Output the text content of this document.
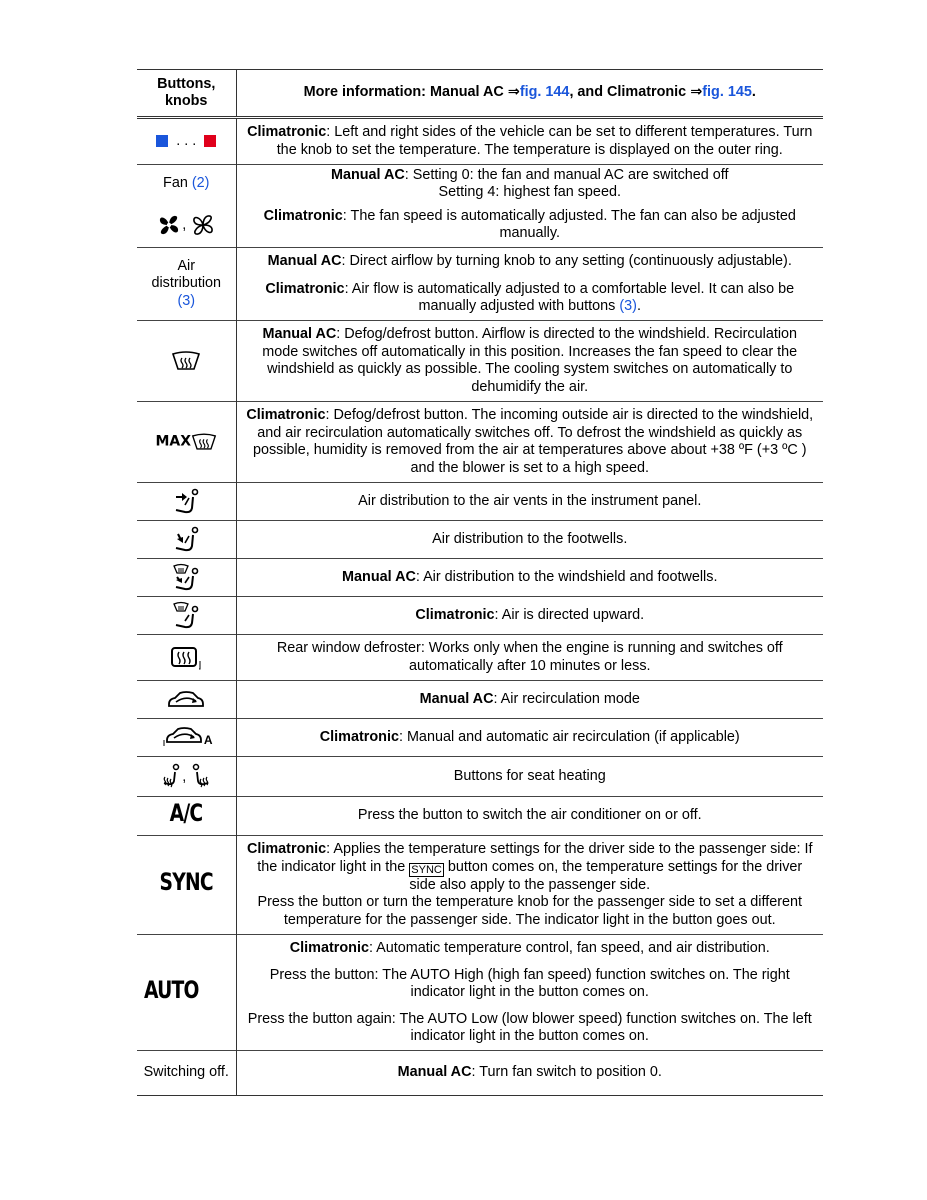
Buttons, knobs	More information: Manual AC ⇒fig. 144, and Climatronic ⇒fig. 145.
. . .	Climatronic: Left and right sides of the vehicle can be set to different temperatures. Turn the knob to set the temperature. The temperature is displayed on the outer ring.
Fan (2)	Manual AC: Setting 0: the fan and manual AC are switched off
Setting 4: highest fan speed.
,	Climatronic: The fan speed is automatically adjusted. The fan can also be adjusted manually.
Air distribution
(3)	Manual AC: Direct airflow by turning knob to any setting (continuously adjustable).
	Climatronic: Air flow is automatically adjusted to a comfortable level. It can also be manually adjusted with buttons (3).
	Manual AC: Defog/defrost button. Airflow is directed to the windshield. Recirculation mode switches off automatically in this position. Increases the fan speed to clear the windshield as quickly as possible. The cooling system switches on automatically to dehumidify the air.
MAX	Climatronic: Defog/defrost button. The incoming outside air is directed to the windshield, and air recirculation automatically switches off. To defrost the windshield as quickly as possible, humidity is removed from the air at temperatures above about +38 ºF (+3 ºC ) and the blower is set to a high speed.
	Air distribution to the air vents in the instrument panel.
	Air distribution to the footwells.
	Manual AC: Air distribution to the windshield and footwells.
	Climatronic: Air is directed upward.
	Rear window defroster: Works only when the engine is running and switches off automatically after 10 minutes or less.
	Manual AC: Air recirculation mode
$_A$	Climatronic: Manual and automatic air recirculation (if applicable)
,	Buttons for seat heating
A/C	Press the button to switch the air conditioner on or off.
SYNC	Climatronic: Applies the temperature settings for the driver side to the passenger side: If the indicator light in the SYNC button comes on, the temperature settings for the driver side also apply to the passenger side.
Press the button or turn the temperature knob for the passenger side to set a different temperature for the passenger side. The indicator light in the button goes out.
AUTO	Climatronic: Automatic temperature control, fan speed, and air distribution.
	Press the button: The AUTO High (high fan speed) function switches on. The right indicator light in the button comes on.
	Press the button again: The AUTO Low (low blower speed) function switches on. The left indicator light in the button comes on.
Switching off.	Manual AC: Turn fan switch to position 0.
